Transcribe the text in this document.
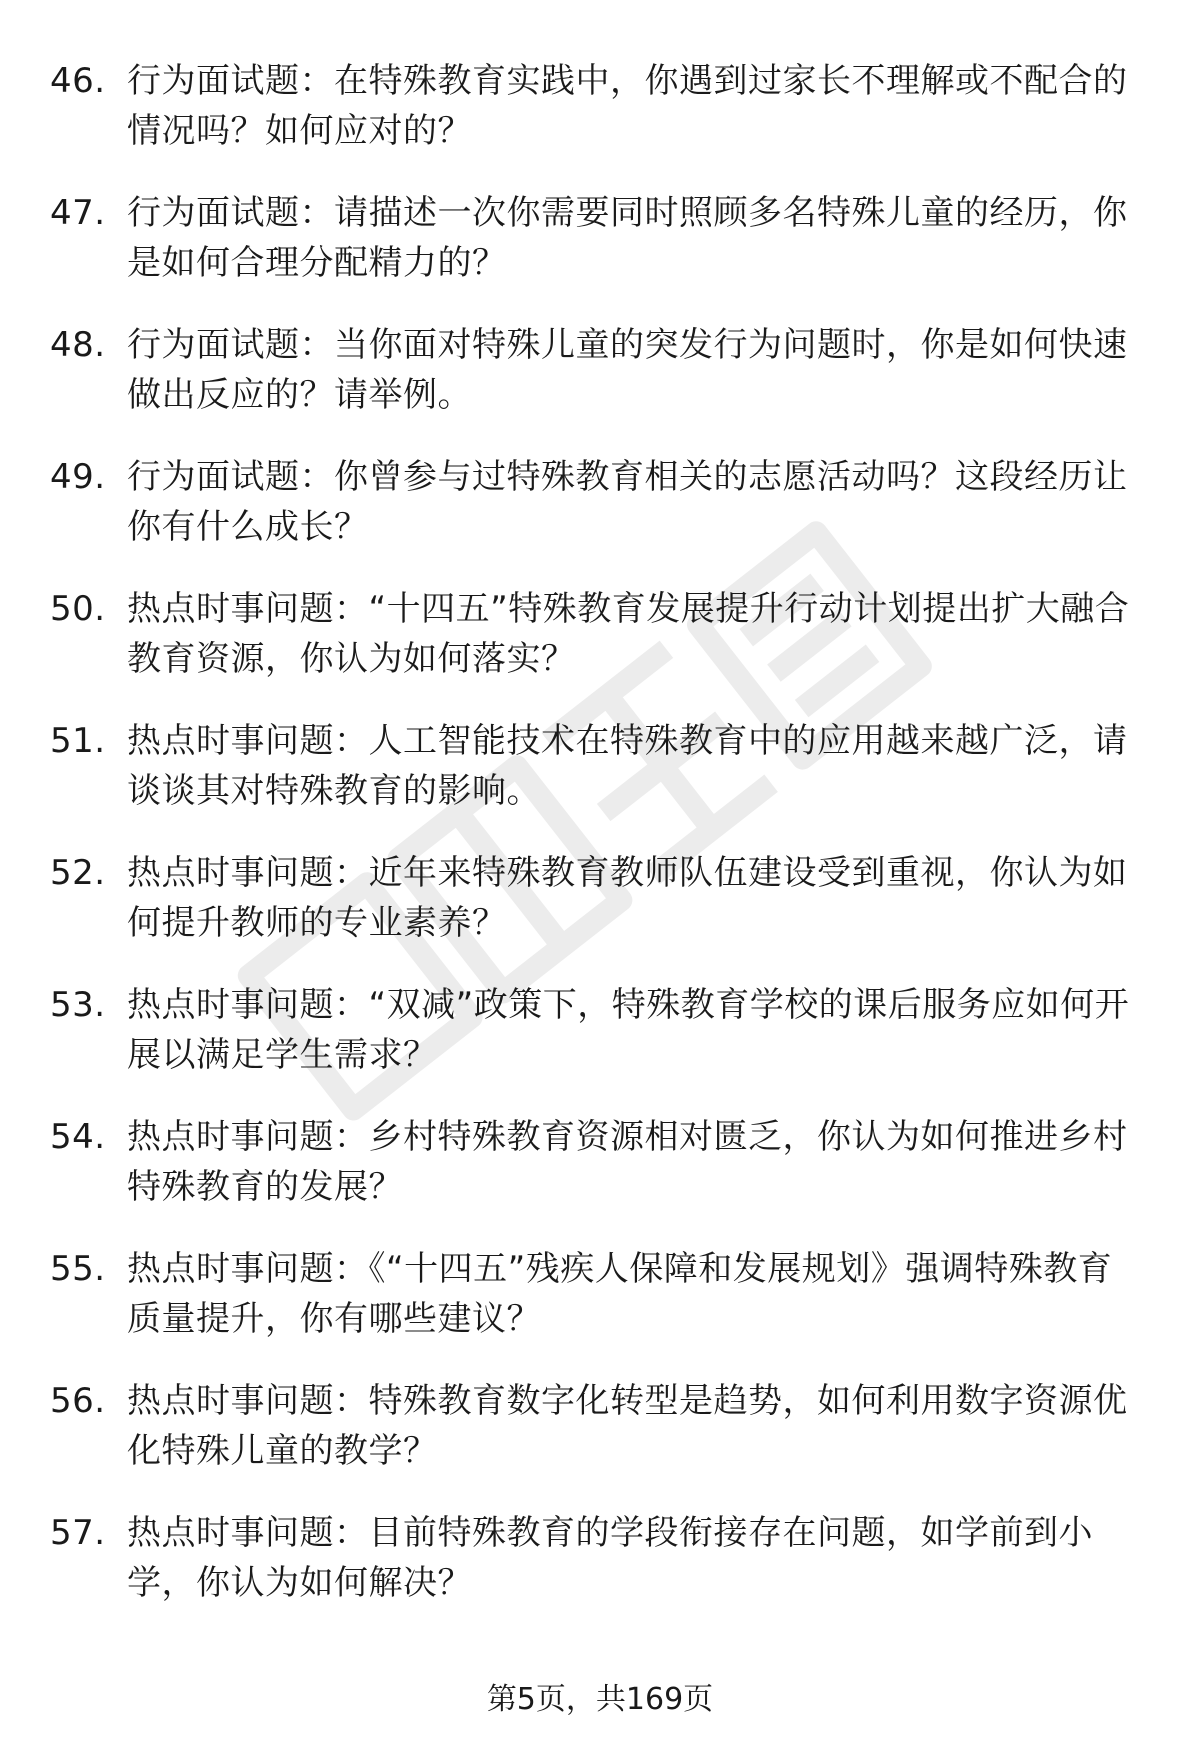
46. 行为面试题：在特殊教育实践中，你遇到过家长不理解或不配合的情况吗？如何应对的？
47. 行为面试题：请描述一次你需要同时照顾多名特殊儿童的经历，你是如何合理分配精力的？
48. 行为面试题：当你面对特殊儿童的突发行为问题时，你是如何快速做出反应的？请举例。
49. 行为面试题：你曾参与过特殊教育相关的志愿活动吗？这段经历让你有什么成长？
50. 热点时事问题：“十四五”特殊教育发展提升行动计划提出扩大融合教育资源，你认为如何落实？
51. 热点时事问题：人工智能技术在特殊教育中的应用越来越广泛，请谈谈其对特殊教育的影响。
52. 热点时事问题：近年来特殊教育教师队伍建设受到重视，你认为如何提升教师的专业素养？
53. 热点时事问题：“双减”政策下，特殊教育学校的课后服务应如何开展以满足学生需求？
54. 热点时事问题：乡村特殊教育资源相对匮乏，你认为如何推进乡村特殊教育的发展？
55. 热点时事问题：《“十四五”残疾人保障和发展规划》强调特殊教育质量提升，你有哪些建议？
56. 热点时事问题：特殊教育数字化转型是趋势，如何利用数字资源优化特殊儿童的教学？
57. 热点时事问题：目前特殊教育的学段衔接存在问题，如学前到小学，你认为如何解决？
第5页，共169页
